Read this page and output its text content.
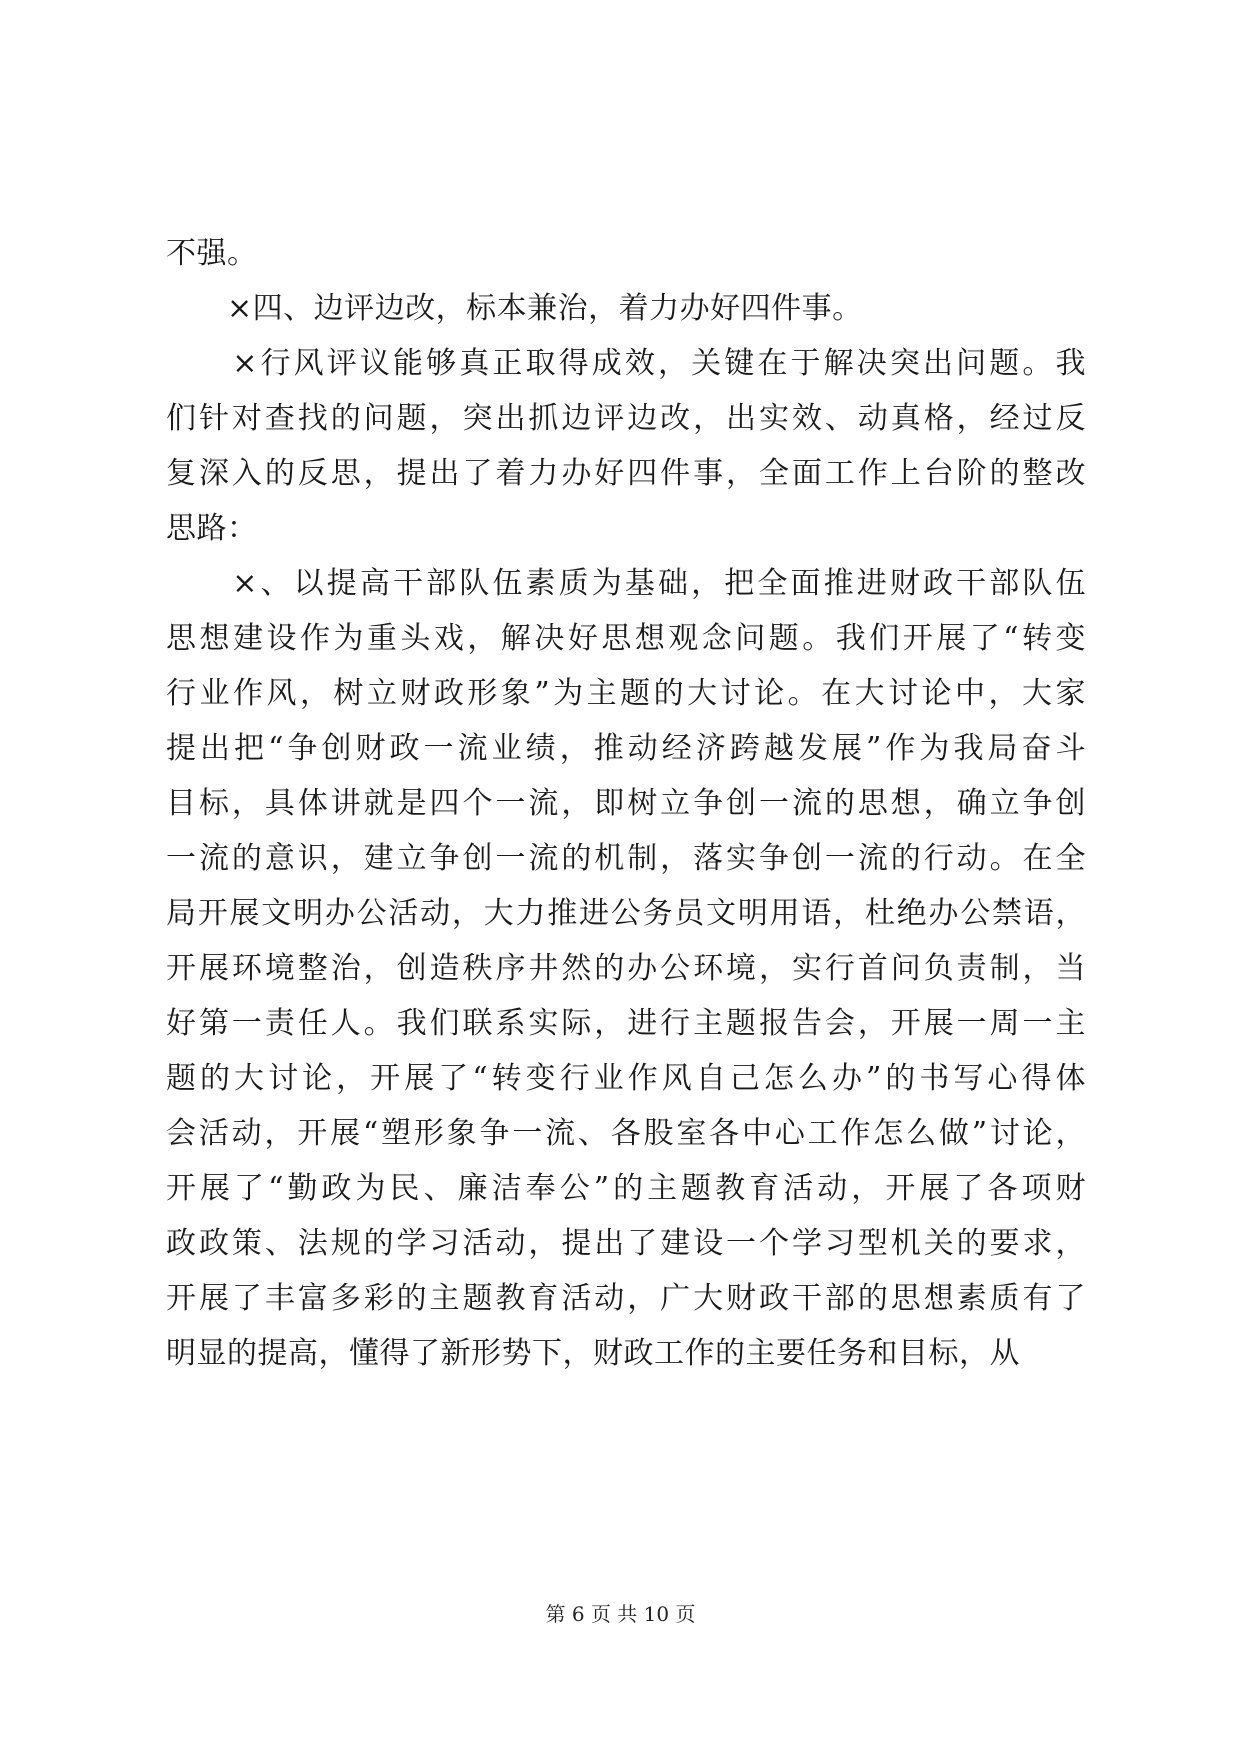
不强。
　　×四、边评边改，标本兼治，着力办好四件事。
　　×行风评议能够真正取得成效，关键在于解决突出问题。我
们针对查找的问题，突出抓边评边改，出实效、动真格，经过反
复深入的反思，提出了着力办好四件事，全面工作上台阶的整改
思路：
　　×、以提高干部队伍素质为基础，把全面推进财政干部队伍
思想建设作为重头戏，解决好思想观念问题。我们开展了“转变
行业作风，树立财政形象”为主题的大讨论。在大讨论中，大家
提出把“争创财政一流业绩，推动经济跨越发展”作为我局奋斗
目标，具体讲就是四个一流，即树立争创一流的思想，确立争创
一流的意识，建立争创一流的机制，落实争创一流的行动。在全
局开展文明办公活动，大力推进公务员文明用语，杜绝办公禁语，
开展环境整治，创造秩序井然的办公环境，实行首问负责制，当
好第一责任人。我们联系实际，进行主题报告会，开展一周一主
题的大讨论，开展了“转变行业作风自己怎么办”的书写心得体
会活动，开展“塑形象争一流、各股室各中心工作怎么做”讨论，
开展了“勤政为民、廉洁奉公”的主题教育活动，开展了各项财
政政策、法规的学习活动，提出了建设一个学习型机关的要求，
开展了丰富多彩的主题教育活动，广大财政干部的思想素质有了
明显的提高，懂得了新形势下，财政工作的主要任务和目标，从
第 6 页 共 10 页
